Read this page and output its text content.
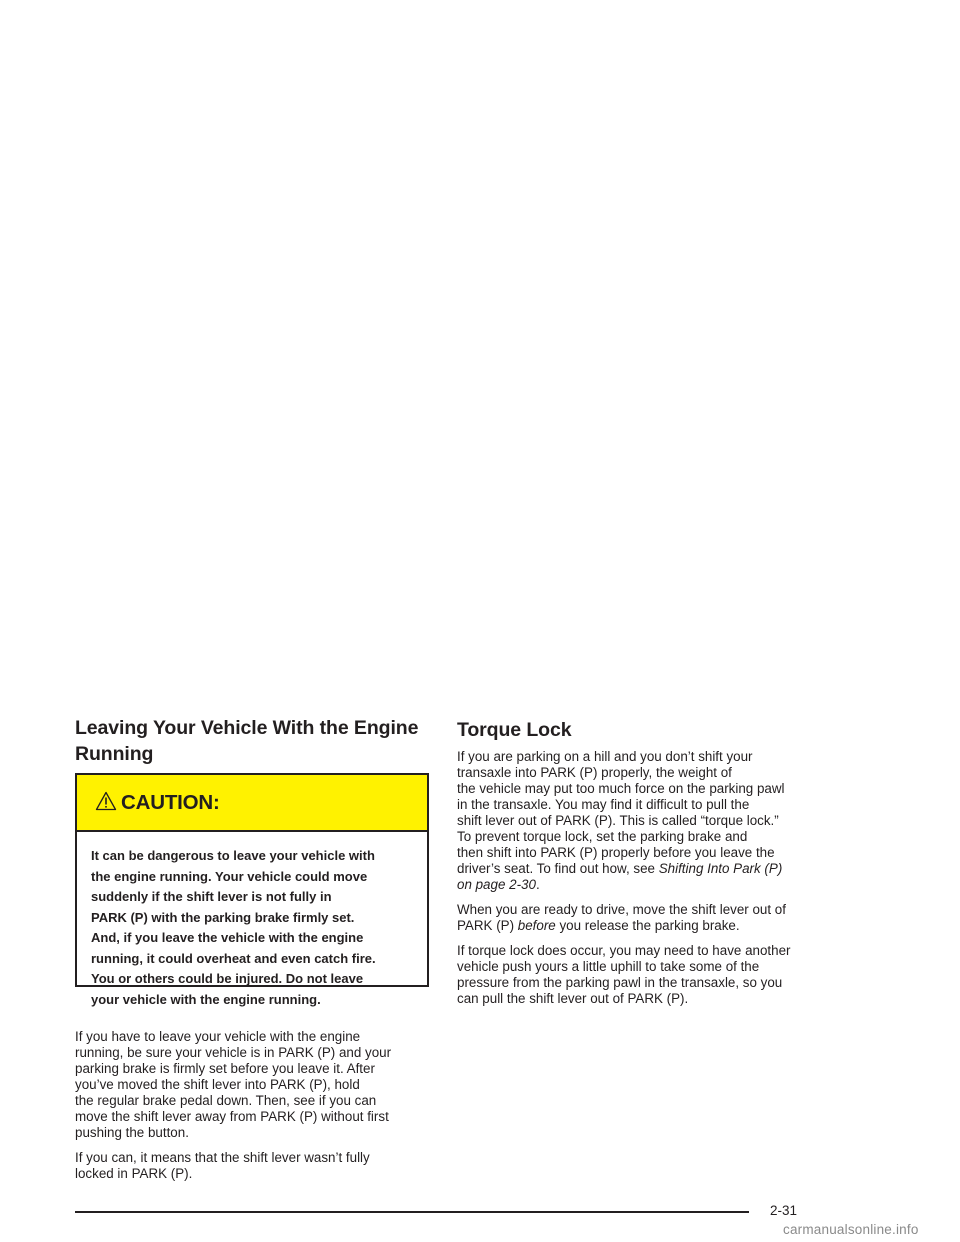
Leaving Your Vehicle With the Engine
Running
CAUTION:
It can be dangerous to leave your vehicle with
the engine running. Your vehicle could move
suddenly if the shift lever is not fully in
PARK (P) with the parking brake firmly set.
And, if you leave the vehicle with the engine
running, it could overheat and even catch fire.
You or others could be injured. Do not leave
your vehicle with the engine running.

If you have to leave your vehicle with the engine
running, be sure your vehicle is in PARK (P) and your
parking brake is firmly set before you leave it. After
you’ve moved the shift lever into PARK (P), hold
the regular brake pedal down. Then, see if you can
move the shift lever away from PARK (P) without first
pushing the button.

If you can, it means that the shift lever wasn’t fully
locked in PARK (P).

Torque Lock

If you are parking on a hill and you don’t shift your
transaxle into PARK (P) properly, the weight of
the vehicle may put too much force on the parking pawl
in the transaxle. You may find it difficult to pull the
shift lever out of PARK (P). This is called “torque lock.”
To prevent torque lock, set the parking brake and
then shift into PARK (P) properly before you leave the
driver’s seat. To find out how, see Shifting Into Park (P)
on page 2-30.

When you are ready to drive, move the shift lever out of
PARK (P) before you release the parking brake.

If torque lock does occur, you may need to have another
vehicle push yours a little uphill to take some of the
pressure from the parking pawl in the transaxle, so you
can pull the shift lever out of PARK (P).

2-31
carmanualsonline.info
